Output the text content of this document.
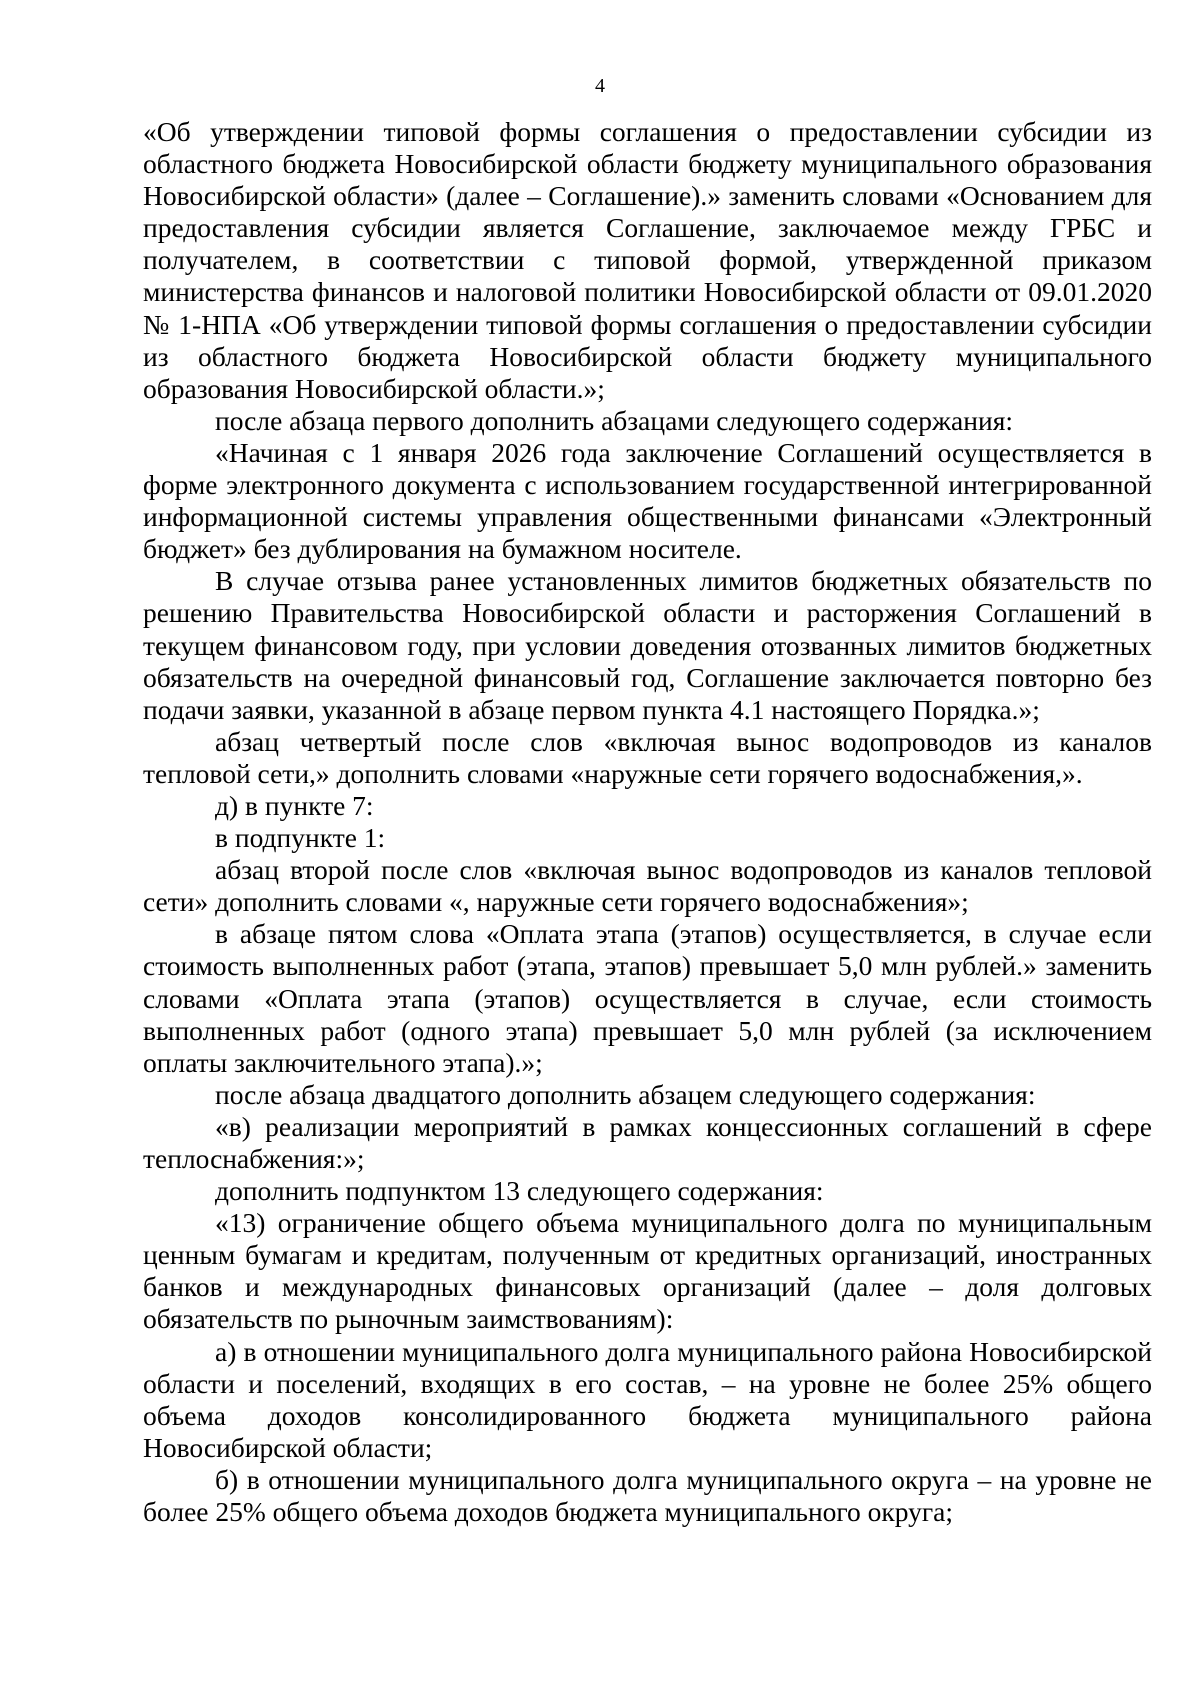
4

«Об утверждении типовой формы соглашения о предоставлении субсидии из областного бюджета Новосибирской области бюджету муниципального образования Новосибирской области» (далее – Соглашение).» заменить словами «Основанием для предоставления субсидии является Соглашение, заключаемое между ГРБС и получателем, в соответствии с типовой формой, утвержденной приказом министерства финансов и налоговой политики Новосибирской области от 09.01.2020 № 1-НПА «Об утверждении типовой формы соглашения о предоставлении субсидии из областного бюджета Новосибирской области бюджету муниципального образования Новосибирской области.»;

после абзаца первого дополнить абзацами следующего содержания:

«Начиная с 1 января 2026 года заключение Соглашений осуществляется в форме электронного документа с использованием государственной интегрированной информационной системы управления общественными финансами «Электронный бюджет» без дублирования на бумажном носителе.

В случае отзыва ранее установленных лимитов бюджетных обязательств по решению Правительства Новосибирской области и расторжения Соглашений в текущем финансовом году, при условии доведения отозванных лимитов бюджетных обязательств на очередной финансовый год, Соглашение заключается повторно без подачи заявки, указанной в абзаце первом пункта 4.1 настоящего Порядка.»;

абзац четвертый после слов «включая вынос водопроводов из каналов тепловой сети,» дополнить словами «наружные сети горячего водоснабжения,».

д) в пункте 7:

в подпункте 1:

абзац второй после слов «включая вынос водопроводов из каналов тепловой сети» дополнить словами «, наружные сети горячего водоснабжения»;

в абзаце пятом слова «Оплата этапа (этапов) осуществляется, в случае если стоимость выполненных работ (этапа, этапов) превышает 5,0 млн рублей.» заменить словами «Оплата этапа (этапов) осуществляется в случае, если стоимость выполненных работ (одного этапа) превышает 5,0 млн рублей (за исключением оплаты заключительного этапа).»;

после абзаца двадцатого дополнить абзацем следующего содержания:

«в) реализации мероприятий в рамках концессионных соглашений в сфере теплоснабжения:»;

дополнить подпунктом 13 следующего содержания:

«13) ограничение общего объема муниципального долга по муниципальным ценным бумагам и кредитам, полученным от кредитных организаций, иностранных банков и международных финансовых организаций (далее – доля долговых обязательств по рыночным заимствованиям):

а) в отношении муниципального долга муниципального района Новосибирской области и поселений, входящих в его состав, – на уровне не более 25% общего объема доходов консолидированного бюджета муниципального района Новосибирской области;

б) в отношении муниципального долга муниципального округа – на уровне не более 25% общего объема доходов бюджета муниципального округа;
